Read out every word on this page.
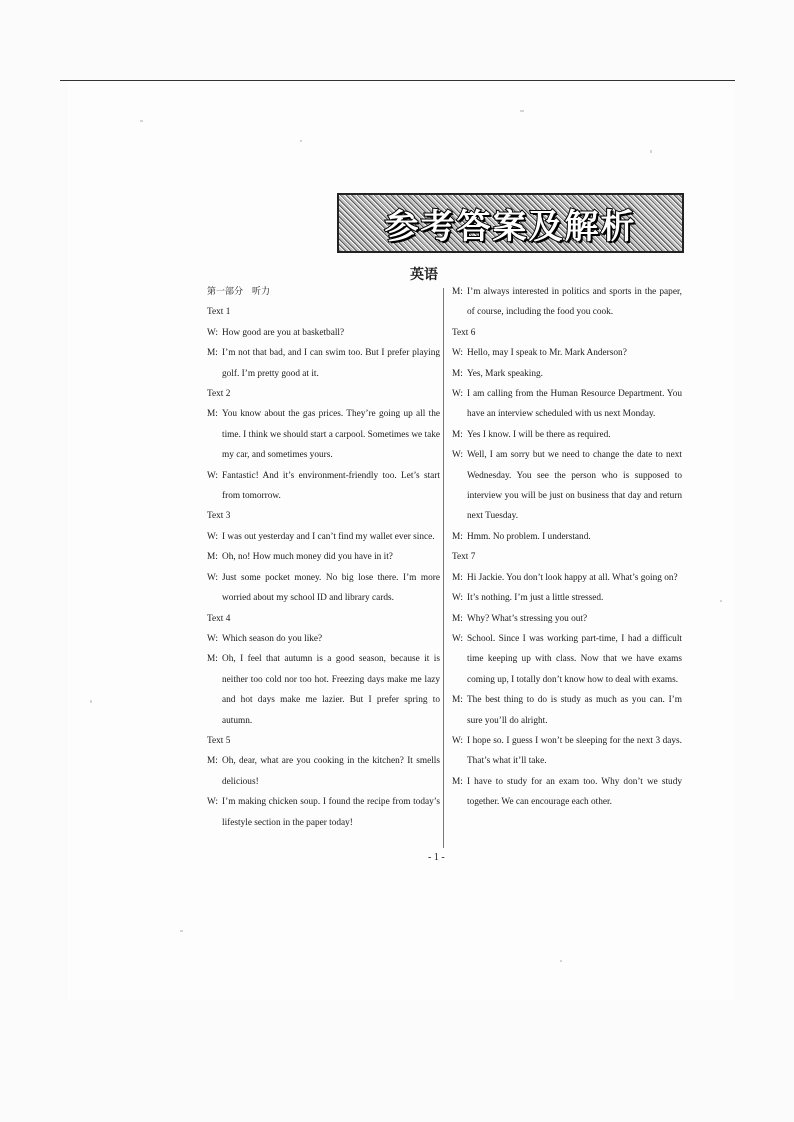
参考答案及解析
英语
第一部分　听力
Text 1
W: How good are you at basketball?
M: I’m not that bad, and I can swim too. But I prefer playing golf. I’m pretty good at it.
Text 2
M: You know about the gas prices. They’re going up all the time. I think we should start a carpool. Sometimes we take my car, and sometimes yours.
W: Fantastic! And it’s environment-friendly too. Let’s start from tomorrow.
Text 3
W: I was out yesterday and I can’t find my wallet ever since.
M: Oh, no! How much money did you have in it?
W: Just some pocket money. No big lose there. I’m more worried about my school ID and library cards.
Text 4
W: Which season do you like?
M: Oh, I feel that autumn is a good season, because it is neither too cold nor too hot. Freezing days make me lazy and hot days make me lazier. But I prefer spring to autumn.
Text 5
M: Oh, dear, what are you cooking in the kitchen? It smells delicious!
W: I’m making chicken soup. I found the recipe from today’s lifestyle section in the paper today!
M: I’m always interested in politics and sports in the paper, of course, including the food you cook.
Text 6
W: Hello, may I speak to Mr. Mark Anderson?
M: Yes, Mark speaking.
W: I am calling from the Human Resource Department. You have an interview scheduled with us next Monday.
M: Yes I know. I will be there as required.
W: Well, I am sorry but we need to change the date to next Wednesday. You see the person who is supposed to interview you will be just on business that day and return next Tuesday.
M: Hmm. No problem. I understand.
Text 7
M: Hi Jackie. You don’t look happy at all. What’s going on?
W: It’s nothing. I’m just a little stressed.
M: Why? What’s stressing you out?
W: School. Since I was working part-time, I had a difficult time keeping up with class. Now that we have exams coming up, I totally don’t know how to deal with exams.
M: The best thing to do is study as much as you can. I’m sure you’ll do alright.
W: I hope so. I guess I won’t be sleeping for the next 3 days. That’s what it’ll take.
M: I have to study for an exam too. Why don’t we study together. We can encourage each other.
- 1 -
